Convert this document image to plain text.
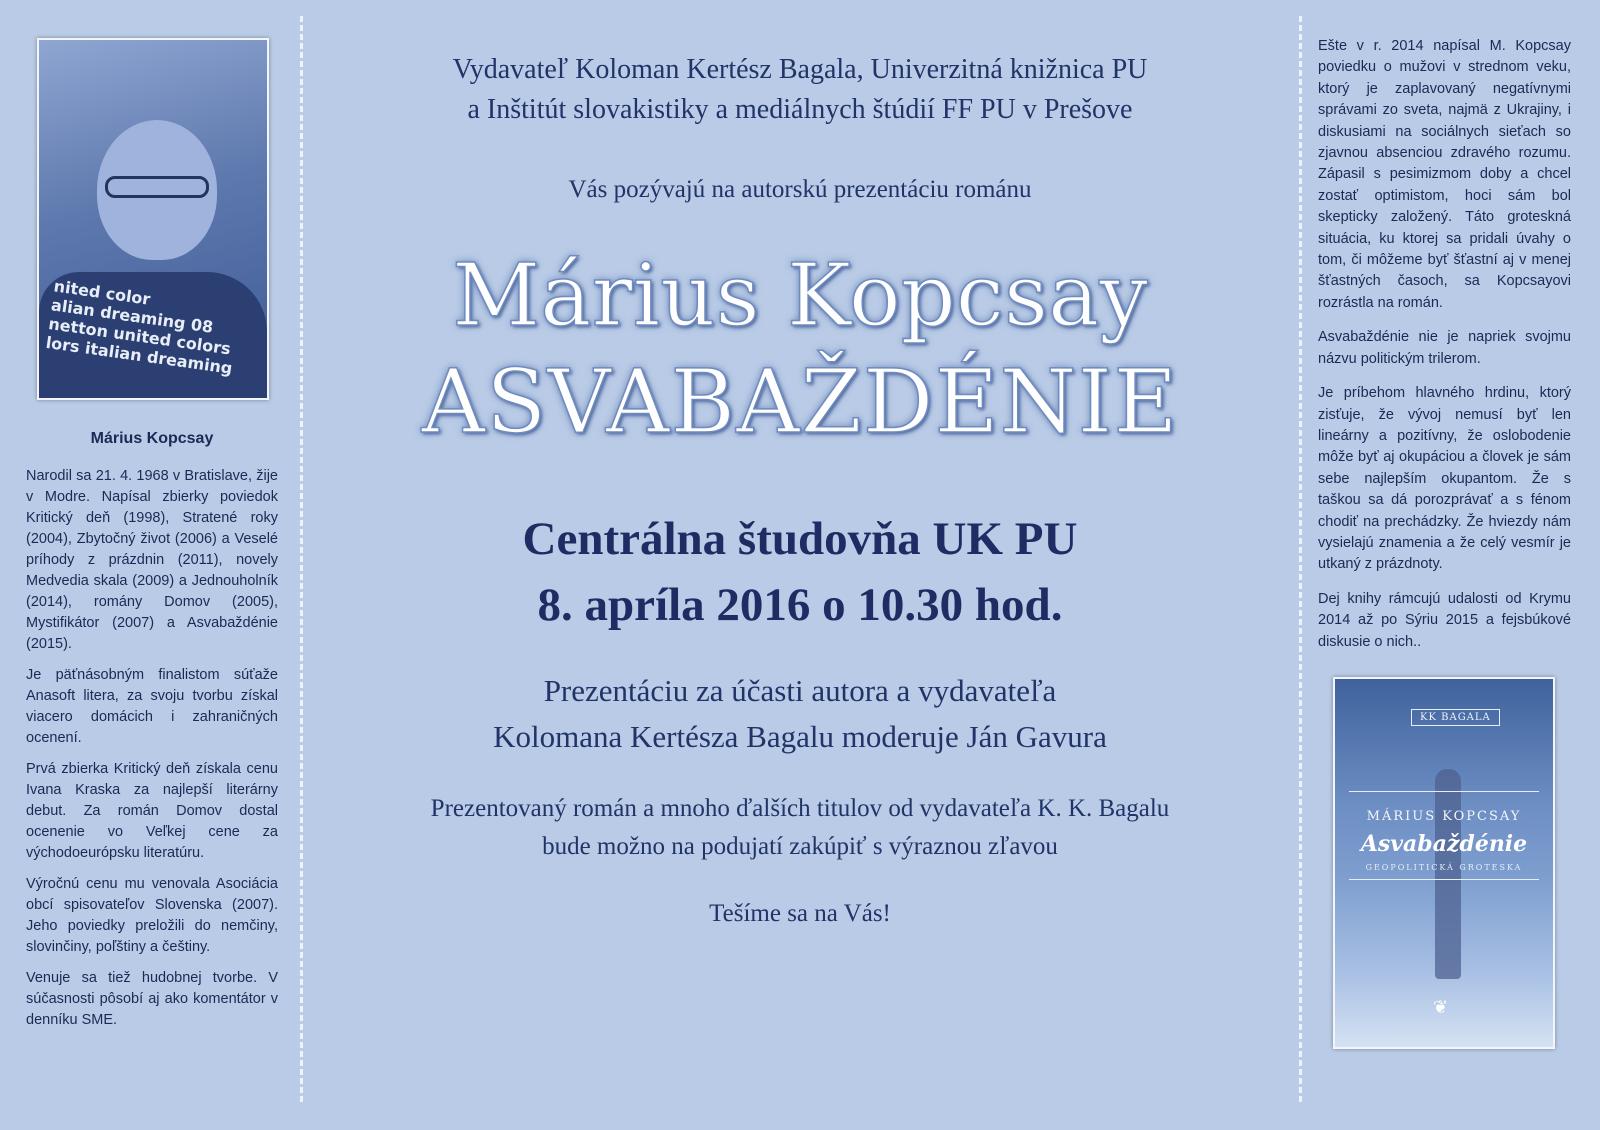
nited color
alian dreaming 08
netton united colors
lors italian dreaming
Márius Kopcsay

Narodil sa 21. 4. 1968 v Bratislave, žije v Modre. Napísal zbierky poviedok Kritický deň (1998), Stratené roky (2004), Zbytočný život (2006) a Veselé príhody z prázdnin (2011), novely Medvedia skala (2009) a Jednouholník (2014), romány Domov (2005), Mystifikátor (2007) a Asvabaždénie (2015).

Je päťnásobným finalistom súťaže Anasoft litera, za svoju tvorbu získal viacero domácich i zahraničných ocenení.

Prvá zbierka Kritický deň získala cenu Ivana Kraska za najlepší literárny debut. Za román Domov dostal ocenenie vo Veľkej cene za východoeurópsku literatúru.

Výročnú cenu mu venovala Asociácia obcí spisovateľov Slovenska (2007). Jeho poviedky preložili do nemčiny, slovinčiny, poľštiny a češtiny.

Venuje sa tiež hudobnej tvorbe. V súčasnosti pôsobí aj ako komentátor v denníku SME.

Vydavateľ Koloman Kertész Bagala, Univerzitná knižnica PU

a Inštitút slovakistiky a mediálnych štúdií FF PU v Prešove

Vás pozývajú na autorskú prezentáciu románu

Márius Kopcsay
ASVABAŽDÉNIE

Centrálna študovňa UK PU

8. apríla 2016 o 10.30 hod.

Prezentáciu za účasti autora a vydavateľa

Kolomana Kertésza Bagalu moderuje Ján Gavura

Prezentovaný román a mnoho ďalších titulov od vydavateľa K. K. Bagalu

bude možno na podujatí zakúpiť s výraznou zľavou

Tešíme sa na Vás!

Ešte v r. 2014 napísal M. Kopcsay poviedku o mužovi v strednom veku, ktorý je zaplavovaný negatívnymi správami zo sveta, najmä z Ukrajiny, i diskusiami na sociálnych sieťach so zjavnou absenciou zdravého rozumu. Zápasil s pesimizmom doby a chcel zostať optimistom, hoci sám bol skepticky založený. Táto groteskná situácia, ku ktorej sa pridali úvahy o tom, či môžeme byť šťastní aj v menej šťastných časoch, sa Kopcsayovi rozrástla na román.

Asvabaždénie nie je napriek svojmu názvu politickým trilerom.

Je príbehom hlavného hrdinu, ktorý zisťuje, že vývoj nemusí byť len lineárny a pozitívny, že oslobodenie môže byť aj okupáciou a človek je sám sebe najlepším okupantom. Že s taškou sa dá porozprávať a s fénom chodiť na prechádzky. Že hviezdy nám vysielajú znamenia a že celý vesmír je utkaný z prázdnoty.

Dej knihy rámcujú udalosti od Krymu 2014 až po Sýriu 2015 a fejsbúkové diskusie o nich..

KK BAGALA
MÁRIUS KOPCSAY
Asvabaždénie
GEOPOLITICKÁ GROTESKA
❦
